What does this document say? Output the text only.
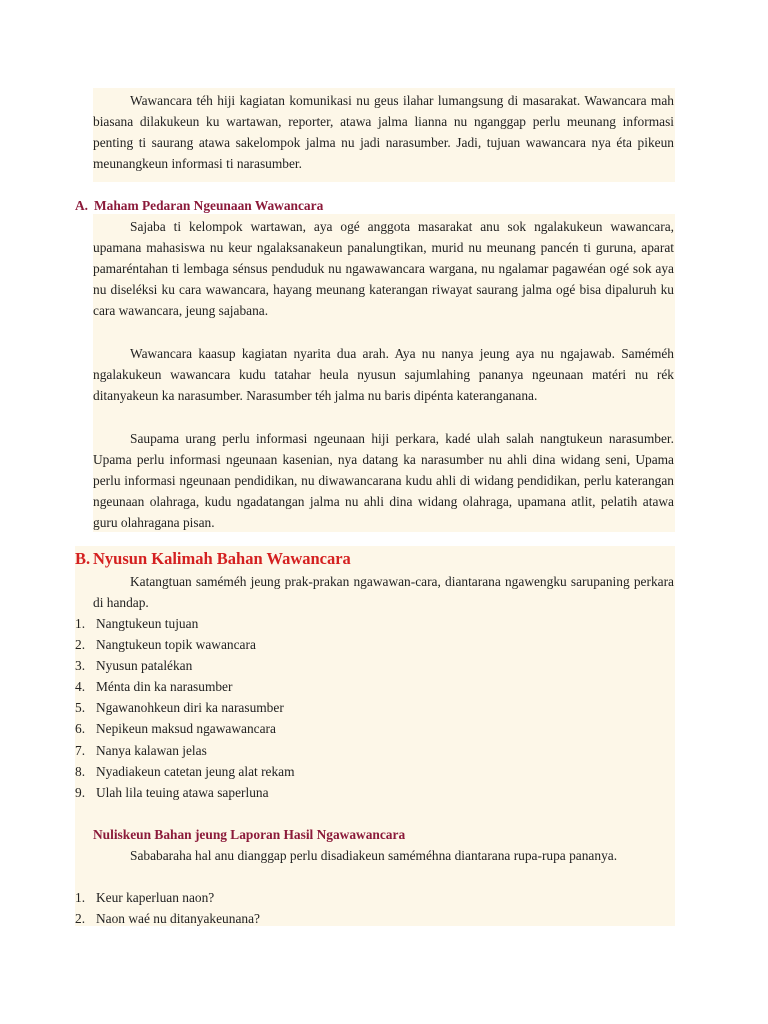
Wawancara téh hiji kagiatan komunikasi nu geus ilahar lumangsung di masarakat. Wawancara mah biasana dilakukeun ku wartawan, reporter, atawa jalma lianna nu nganggap perlu meunang informasi penting ti saurang atawa sakelompok jalma nu jadi narasumber. Jadi, tujuan wawancara nya éta pikeun meunangkeun informasi ti narasumber.

A. Maham Pedaran Ngeunaan Wawancara

Sajaba ti kelompok wartawan, aya ogé anggota masarakat anu sok ngalakukeun wawancara, upamana mahasiswa nu keur ngalaksanakeun panalungtikan, murid nu meunang pancén ti guruna, aparat pamaréntahan ti lembaga sénsus penduduk nu ngawawancara wargana, nu ngalamar pagawéan ogé sok aya nu diseléksi ku cara wawancara, hayang meunang katerangan riwayat saurang jalma ogé bisa dipaluruh ku cara wawancara, jeung sajabana.

Wawancara kaasup kagiatan nyarita dua arah. Aya nu nanya jeung aya nu ngajawab. Saméméh ngalakukeun wawancara kudu tatahar heula nyusun sajumlahing pananya ngeunaan matéri nu rék ditanyakeun ka narasumber. Narasumber téh jalma nu baris dipénta kateranganana.

Saupama urang perlu informasi ngeunaan hiji perkara, kadé ulah salah nangtukeun narasumber. Upama perlu informasi ngeunaan kasenian, nya datang ka narasumber nu ahli dina widang seni, Upama perlu informasi ngeunaan pendidikan, nu diwawancarana kudu ahli di widang pendidikan, perlu katerangan ngeunaan olahraga, kudu ngadatangan jalma nu ahli dina widang olahraga, upamana atlit, pelatih atawa guru olahragana pisan.

B. Nyusun Kalimah Bahan Wawancara

Katangtuan saméméh jeung prak-prakan ngawawan-cara, diantarana ngawengku sarupaning perkara di handap.

1. Nangtukeun tujuan
2. Nangtukeun topik wawancara
3. Nyusun patalékan
4. Ménta din ka narasumber
5. Ngawanohkeun diri ka narasumber
6. Nepikeun maksud ngawawancara
7. Nanya kalawan jelas
8. Nyadiakeun catetan jeung alat rekam
9. Ulah lila teuing atawa saperluna
Nuliskeun Bahan jeung Laporan Hasil Ngawawancara

Sababaraha hal anu dianggap perlu disadiakeun saméméhna diantarana rupa-rupa pananya.

1. Keur kaperluan naon?
2. Naon waé nu ditanyakeunana?
